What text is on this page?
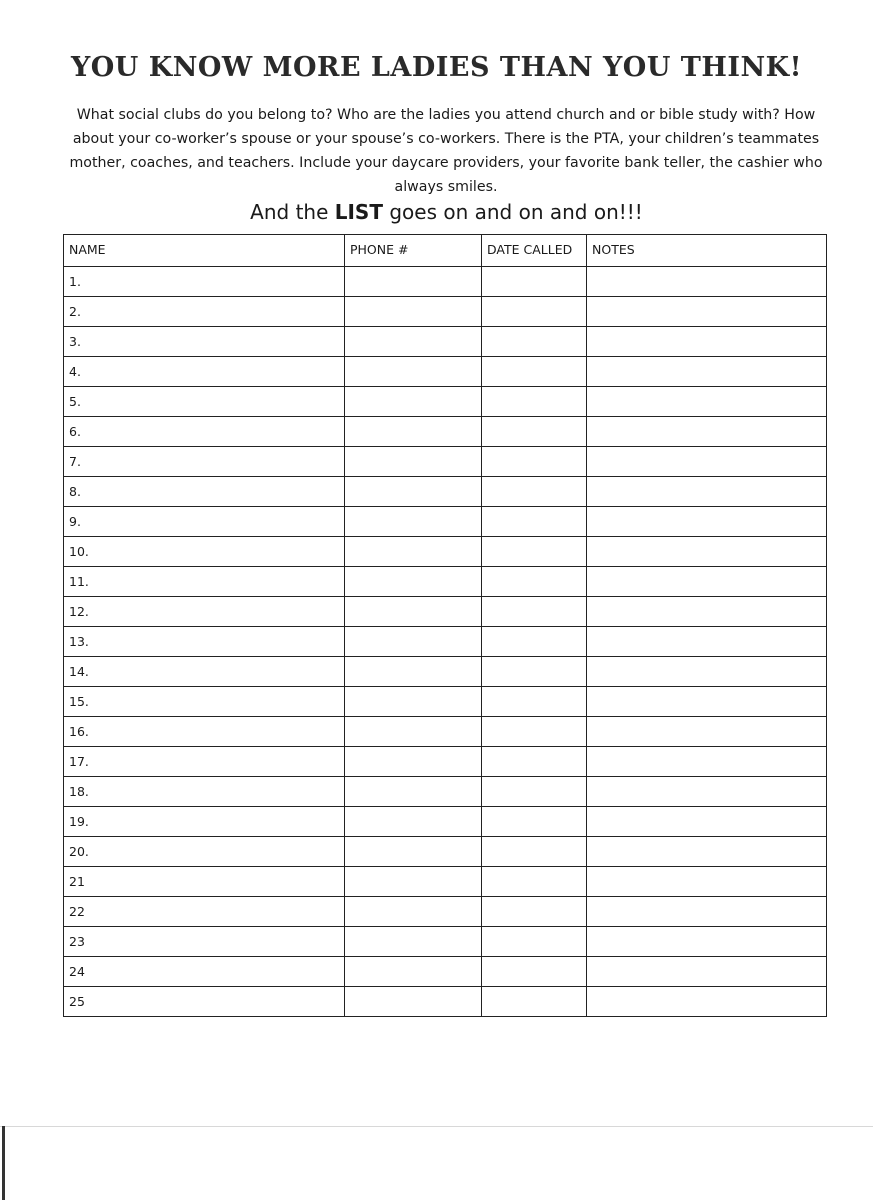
YOU KNOW MORE LADIES THAN YOU THINK!

What social clubs do you belong to? Who are the ladies you attend church and or bible study with? How
about your co-worker’s spouse or your spouse’s co-workers. There is the PTA, your children’s teammates
mother, coaches, and teachers. Include your daycare providers, your favorite bank teller, the cashier who
always smiles.

And the LIST goes on and on and on!!!

NAME	PHONE #	DATE CALLED	NOTES
1.			
2.			
3.			
4.			
5.			
6.			
7.			
8.			
9.			
10.			
11.			
12.			
13.			
14.			
15.			
16.			
17.			
18.			
19.			
20.			
21			
22			
23			
24			
25			
